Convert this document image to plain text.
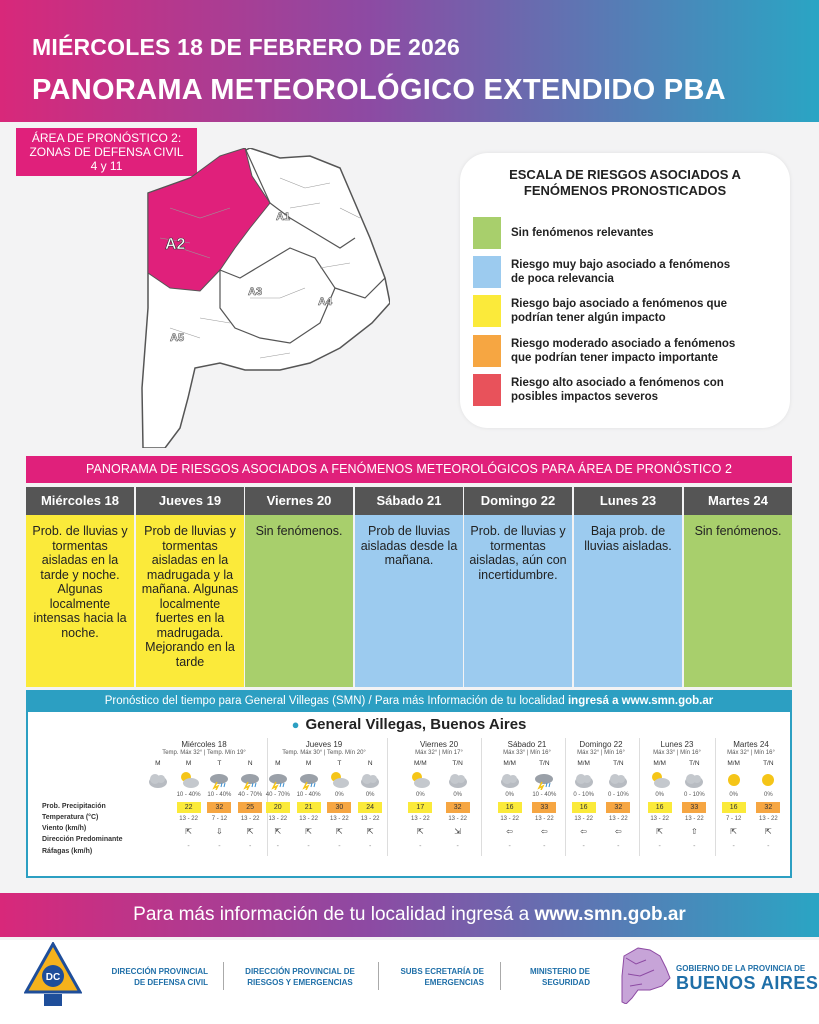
MIÉRCOLES 18 DE FEBRERO DE 2026
PANORAMA METEOROLÓGICO EXTENDIDO PBA
ÁREA DE PRONÓSTICO 2:
ZONAS DE DEFENSA CIVIL
4 y 11
A1
A2
A3
A4
A5
ESCALA DE RIESGOS ASOCIADOS A
FENÓMENOS PRONOSTICADOS
Sin fenómenos relevantes
Riesgo muy bajo asociado a fenómenos
de poca relevancia
Riesgo bajo asociado a fenómenos que
podrían tener algún impacto
Riesgo moderado asociado a fenómenos
que podrían tener impacto importante
Riesgo alto asociado a fenómenos con
posibles impactos severos
PANORAMA DE RIESGOS ASOCIADOS A FENÓMENOS METEOROLÓGICOS PARA ÁREA DE PRONÓSTICO 2
Miércoles 18
Prob. de lluvias y tormentas aisladas en la tarde y noche. Algunas localmente intensas hacia la noche.
Jueves 19
Prob de lluvias y tormentas aisladas en la madrugada y la mañana. Algunas localmente fuertes en la madrugada. Mejorando en la tarde
Viernes 20
Sin fenómenos.
Sábado 21
Prob de lluvias aisladas desde la mañana.
Domingo 22
Prob. de lluvias y tormentas aisladas, aún con incertidumbre.
Lunes 23
Baja prob. de lluvias aisladas.
Martes 24
Sin fenómenos.
Pronóstico del tiempo para General Villegas (SMN) / Para más Información de tu localidad ingresá a www.smn.gob.ar
● General Villegas, Buenos Aires
Prob. Precipitación
Temperatura (°C)
Viento (km/h)
Dirección Predominante
Ráfagas (km/h)
Miércoles 18
Temp. Máx 32° | Temp. Mín 19°
M	M
10 - 40%
22
13 - 22
⇱
-
T
10 - 40%
32
7 - 12
⇩
-
N
40 - 70%
25
13 - 22
⇱
-
Jueves 19
Temp. Máx 30° | Temp. Mín 20°
M
40 - 70%
20
13 - 22
⇱
-
M
10 - 40%
21
13 - 22
⇱
-
T
0%
30
13 - 22
⇱
-
N
0%
24
13 - 22
⇱
-
Viernes 20
Máx 32° | Mín 17°
M/M
0%
17
13 - 22
⇱
-
T/N
0%
32
13 - 22
⇲
-
Sábado 21
Máx 33° | Mín 16°
M/M
0%
16
13 - 22
⇦
-
T/N
10 - 40%
33
13 - 22
⇦
-
Domingo 22
Máx 32° | Mín 16°
M/M
0 - 10%
16
13 - 22
⇦
-
T/N
0 - 10%
32
13 - 22
⇦
-
Lunes 23
Máx 33° | Mín 16°
M/M
0%
16
13 - 22
⇱
-
T/N
0 - 10%
33
13 - 22
⇧
-
Martes 24
Máx 32° | Mín 16°
M/M
0%
16
7 - 12
⇱
-
T/N
0%
32
13 - 22
⇱
-
Para más información de tu localidad ingresá a www.smn.gob.ar
DC
DIRECCIÓN PROVINCIAL
DE DEFENSA CIVIL
DIRECCIÓN PROVINCIAL DE
RIESGOS Y EMERGENCIAS
SUBS ECRETARÍA DE
EMERGENCIAS
MINISTERIO DE
SEGURIDAD
GOBIERNO DE LA PROVINCIA DE
BUENOS AIRES
